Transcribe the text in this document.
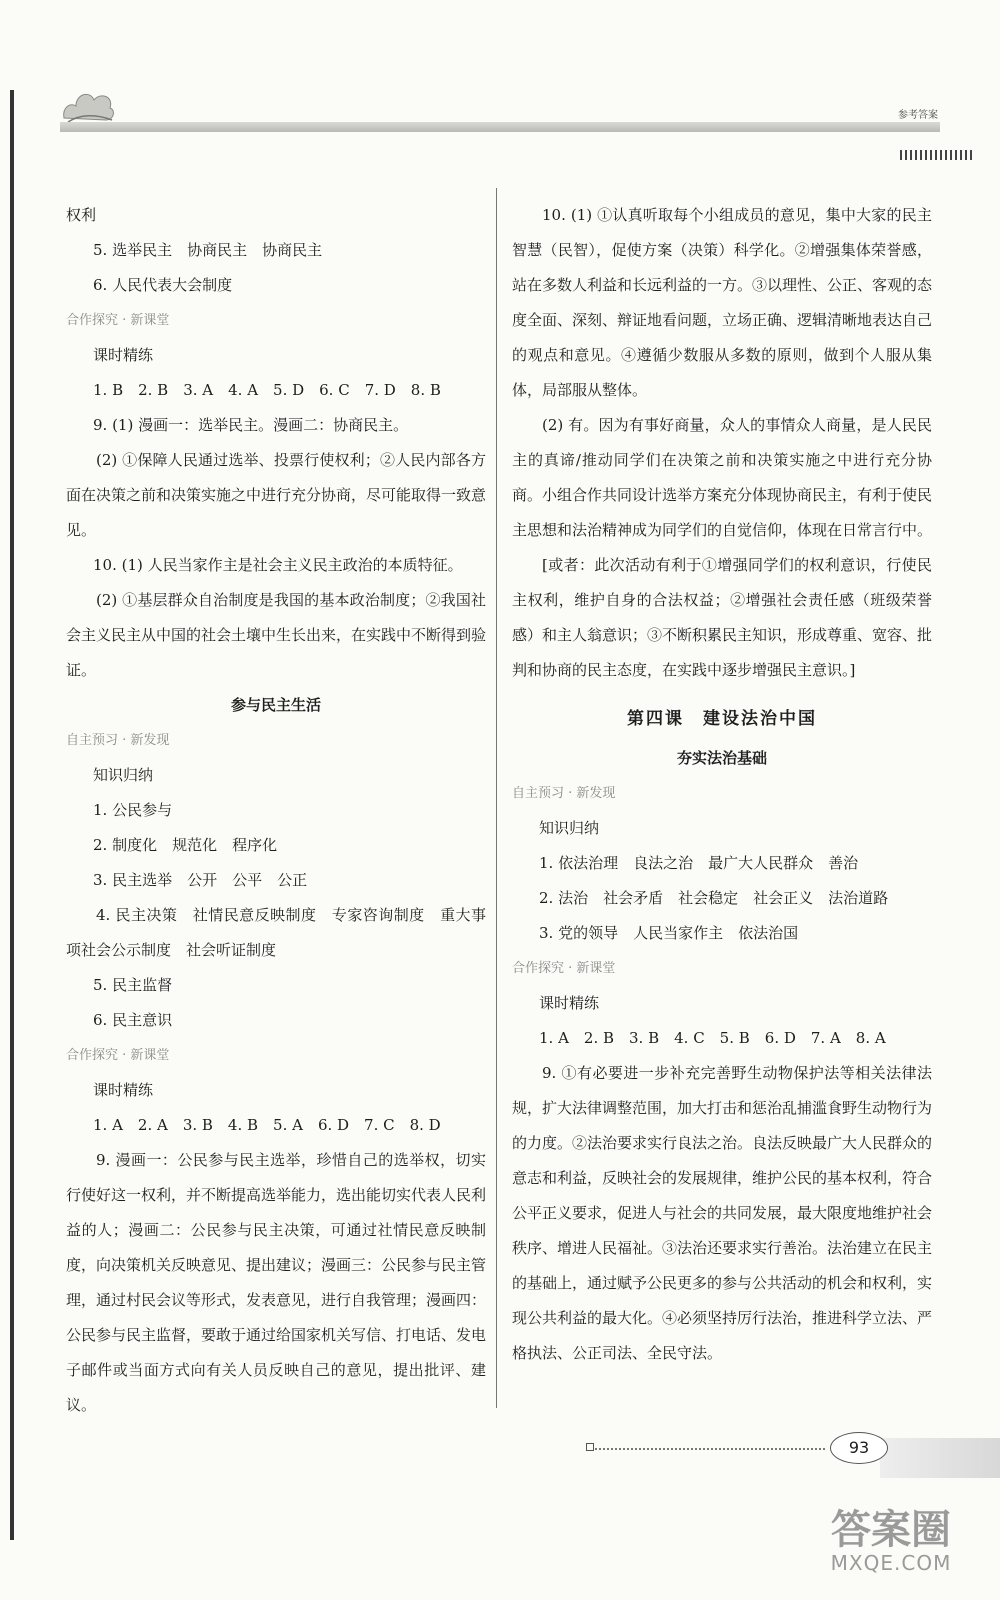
参考答案

权利

5. 选举民主　协商民主　协商民主

6. 人民代表大会制度

合作探究 · 新课堂

课时精练

1. B　2. B　3. A　4. A　5. D　6. C　7. D　8. B

9. (1) 漫画一：选举民主。漫画二：协商民主。

(2) ①保障人民通过选举、投票行使权利；②人民内部各方面在决策之前和决策实施之中进行充分协商，尽可能取得一致意见。

10. (1) 人民当家作主是社会主义民主政治的本质特征。

(2) ①基层群众自治制度是我国的基本政治制度；②我国社会主义民主从中国的社会土壤中生长出来，在实践中不断得到验证。

参与民主生活

自主预习 · 新发现

知识归纳

1. 公民参与

2. 制度化　规范化　程序化

3. 民主选举　公开　公平　公正

4. 民主决策　社情民意反映制度　专家咨询制度　重大事项社会公示制度　社会听证制度

5. 民主监督

6. 民主意识

合作探究 · 新课堂

课时精练

1. A　2. A　3. B　4. B　5. A　6. D　7. C　8. D

9. 漫画一：公民参与民主选举，珍惜自己的选举权，切实行使好这一权利，并不断提高选举能力，选出能切实代表人民利益的人；漫画二：公民参与民主决策，可通过社情民意反映制度，向决策机关反映意见、提出建议；漫画三：公民参与民主管理，通过村民会议等形式，发表意见，进行自我管理；漫画四：公民参与民主监督，要敢于通过给国家机关写信、打电话、发电子邮件或当面方式向有关人员反映自己的意见，提出批评、建议。

10. (1) ①认真听取每个小组成员的意见，集中大家的民主智慧（民智），促使方案（决策）科学化。②增强集体荣誉感，站在多数人利益和长远利益的一方。③以理性、公正、客观的态度全面、深刻、辩证地看问题，立场正确、逻辑清晰地表达自己的观点和意见。④遵循少数服从多数的原则，做到个人服从集体，局部服从整体。

(2) 有。因为有事好商量，众人的事情众人商量，是人民民主的真谛/推动同学们在决策之前和决策实施之中进行充分协商。小组合作共同设计选举方案充分体现协商民主，有利于使民主思想和法治精神成为同学们的自觉信仰，体现在日常言行中。

[或者：此次活动有利于①增强同学们的权利意识，行使民主权利，维护自身的合法权益；②增强社会责任感（班级荣誉感）和主人翁意识；③不断积累民主知识，形成尊重、宽容、批判和协商的民主态度，在实践中逐步增强民主意识。]

第四课　建设法治中国

夯实法治基础

自主预习 · 新发现

知识归纳

1. 依法治理　良法之治　最广大人民群众　善治

2. 法治　社会矛盾　社会稳定　社会正义　法治道路

3. 党的领导　人民当家作主　依法治国

合作探究 · 新课堂

课时精练

1. A　2. B　3. B　4. C　5. B　6. D　7. A　8. A

9. ①有必要进一步补充完善野生动物保护法等相关法律法规，扩大法律调整范围，加大打击和惩治乱捕滥食野生动物行为的力度。②法治要求实行良法之治。良法反映最广大人民群众的意志和利益，反映社会的发展规律，维护公民的基本权利，符合公平正义要求，促进人与社会的共同发展，最大限度地维护社会秩序、增进人民福祉。③法治还要求实行善治。法治建立在民主的基础上，通过赋予公民更多的参与公共活动的机会和权利，实现公共利益的最大化。④必须坚持厉行法治，推进科学立法、严格执法、公正司法、全民守法。

93
答案圈
MXQE.COM
